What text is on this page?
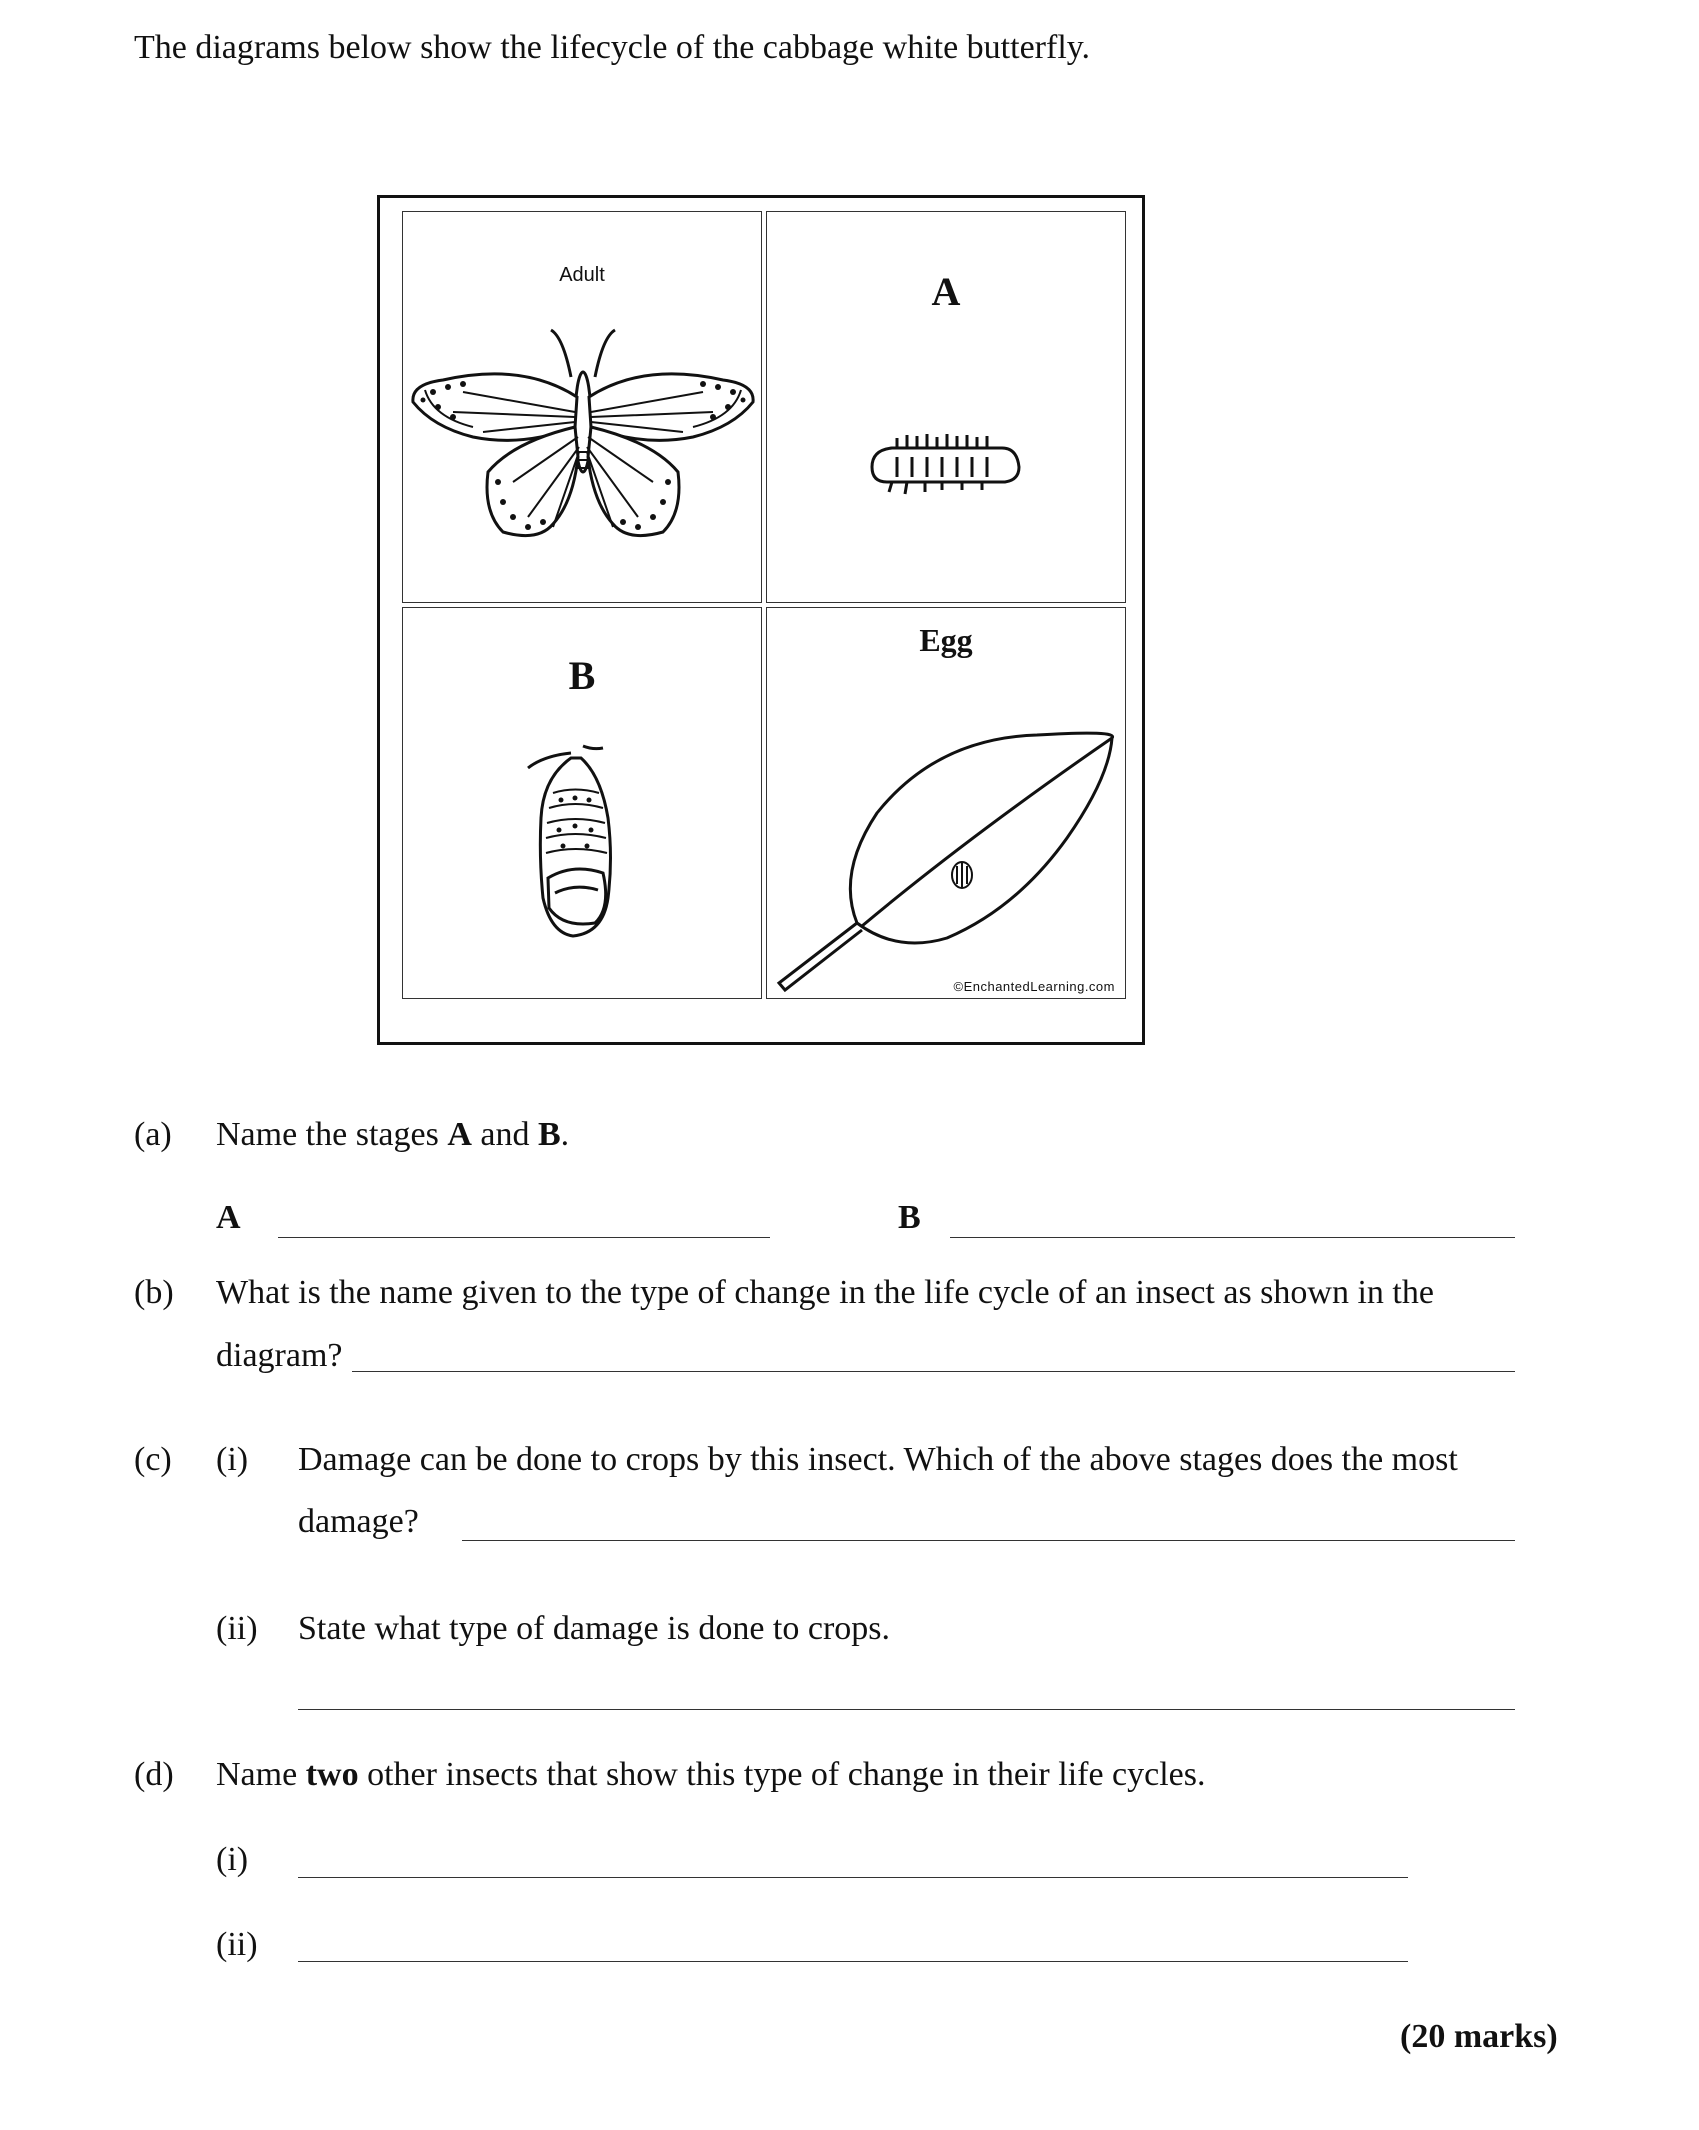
The diagrams below show the lifecycle of the cabbage white butterfly.
Adult	A
B
Egg
©EnchantedLearning.com
(a) Name the stages A and B.
A	B
(b) What is the name given to the type of change in the life cycle of an insect as shown in the
diagram?
(c) (i) Damage can be done to crops by this insect. Which of the above stages does the most
damage?
(ii) State what type of damage is done to crops.
(d) Name two other insects that show this type of change in their life cycles.
(i)
(ii)
(20 marks)
